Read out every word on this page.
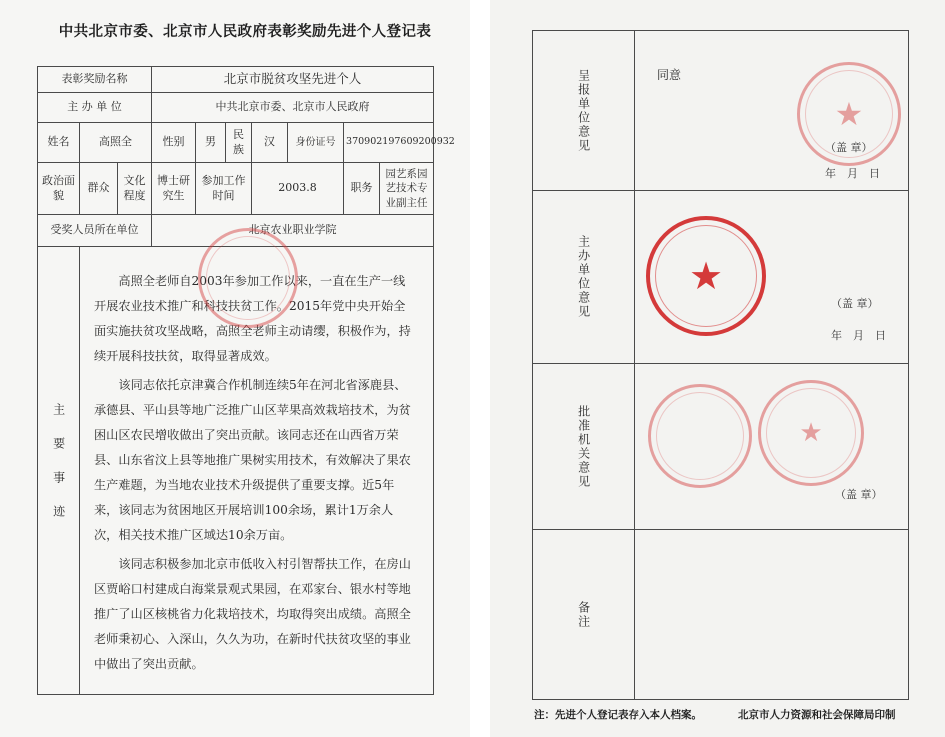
中共北京市委、北京市人民政府表彰奖励先进个人登记表
表彰奖励名称			北京市脱贫攻坚先进个人						
主 办 单 位			中共北京市委、北京市人民政府						
姓名	高照全		性别	男	民族	汉	身份证号	370902197609200932	
政治面貌	群众	文化程度	博士研究生	参加工作时间		2003.8		职务	园艺系园艺技术专业副主任
受奖人员所在单位			北京农业职业学院						

主要事迹	高照全老师自2003年参加工作以来，一直在生产一线开展农业技术推广和科技扶贫工作。2015年党中央开始全面实施扶贫攻坚战略，高照全老师主动请缨，积极作为，持续开展科技扶贫，取得显著成效。

该同志依托京津冀合作机制连续5年在河北省涿鹿县、承德县、平山县等地广泛推广山区苹果高效栽培技术，为贫困山区农民增收做出了突出贡献。该同志还在山西省万荣县、山东省汶上县等地推广果树实用技术，有效解决了果农生产难题，为当地农业技术升级提供了重要支撑。近5年来，该同志为贫困地区开展培训100余场，累计1万余人次，相关技术推广区域达10余万亩。

该同志积极参加北京市低收入村引智帮扶工作，在房山区贾峪口村建成白海棠景观式果园，在邓家台、银水村等地推广了山区核桃省力化栽培技术，均取得突出成绩。高照全老师秉初心、入深山，久久为功，在新时代扶贫攻坚的事业中做出了突出贡献。								

呈报单位意见	同意
（盖 章）
年　月　日

主办单位意见	（盖 章）
年　月　日

批准机关意见	（盖 章）

备注	

★
★
★
注：先进个人登记表存入本人档案。	北京市人力资源和社会保障局印制
